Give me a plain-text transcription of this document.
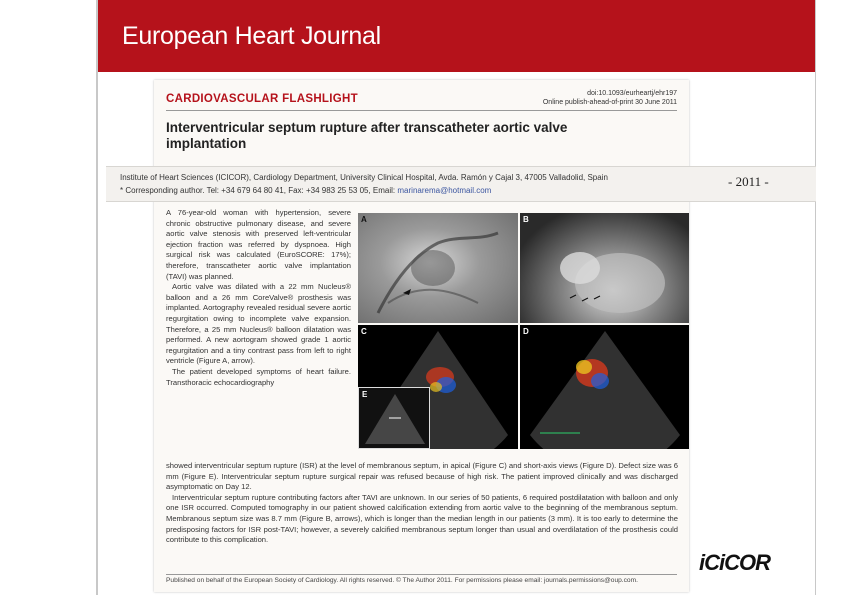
European Heart Journal
CARDIOVASCULAR FLASHLIGHT	doi:10.1093/eurheartj/ehr197
Online publish-ahead-of-print 30 June 2011
Interventricular septum rupture after transcatheter aortic valve implantation

A 76-year-old woman with hypertension, severe chronic obstructive pulmonary disease, and severe aortic valve stenosis with preserved left-ventricular ejection fraction was referred by dyspnoea. High surgical risk was calculated (EuroSCORE: 17%); therefore, transcatheter aortic valve implantation (TAVI) was planned.

Aortic valve was dilated with a 22 mm Nucleus® balloon and a 26 mm CoreValve® prosthesis was implanted. Aortography revealed residual severe aortic regurgitation owing to incomplete valve expansion. Therefore, a 25 mm Nucleus® balloon dilatation was performed. A new aortogram showed grade 1 aortic regurgitation and a tiny contrast pass from left to right ventricle (Figure A, arrow).

The patient developed symptoms of heart failure. Transthoracic echocardiography

A	B
C	D
E

showed interventricular septum rupture (ISR) at the level of membranous septum, in apical (Figure C) and short-axis views (Figure D). Defect size was 6 mm (Figure E). Interventricular septum rupture surgical repair was refused because of high risk. The patient improved clinically and was discharged asymptomatic on Day 12.

Interventricular septum rupture contributing factors after TAVI are unknown. In our series of 50 patients, 6 required postdilatation with balloon and only one ISR occurred. Computed tomography in our patient showed calcification extending from aortic valve to the beginning of the membranous septum. Membranous septum size was 8.7 mm (Figure B, arrows), which is longer than the median length in our patients (3 mm). It is too early to determine the predisposing factors for ISR post-TAVI; however, a severely calcified membranous septum longer than usual and overdilatation of the prosthesis could contribute to this complication.

Published on behalf of the European Society of Cardiology. All rights reserved. © The Author 2011. For permissions please email: journals.permissions@oup.com.
Institute of Heart Sciences (ICICOR), Cardiology Department, University Clinical Hospital, Avda. Ramón y Cajal 3, 47005 Valladolid, Spain
* Corresponding author. Tel: +34 679 64 80 41, Fax: +34 983 25 53 05, Email: marinarema@hotmail.com
- 2011 -
iCiCOR
